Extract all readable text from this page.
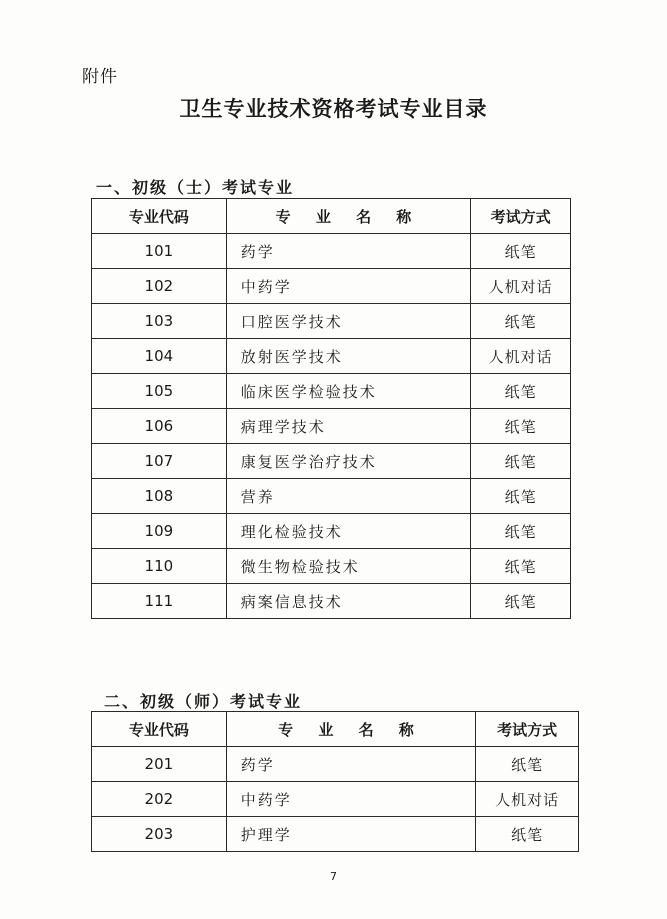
附件
卫生专业技术资格考试专业目录
一、初级（士）考试专业
专业代码	专 业 名 称	考试方式
101	药学	纸笔
102	中药学	人机对话
103	口腔医学技术	纸笔
104	放射医学技术	人机对话
105	临床医学检验技术	纸笔
106	病理学技术	纸笔
107	康复医学治疗技术	纸笔
108	营养	纸笔
109	理化检验技术	纸笔
110	微生物检验技术	纸笔
111	病案信息技术	纸笔
二、初级（师）考试专业
专业代码	专 业 名 称	考试方式
201	药学	纸笔
202	中药学	人机对话
203	护理学	纸笔
7
